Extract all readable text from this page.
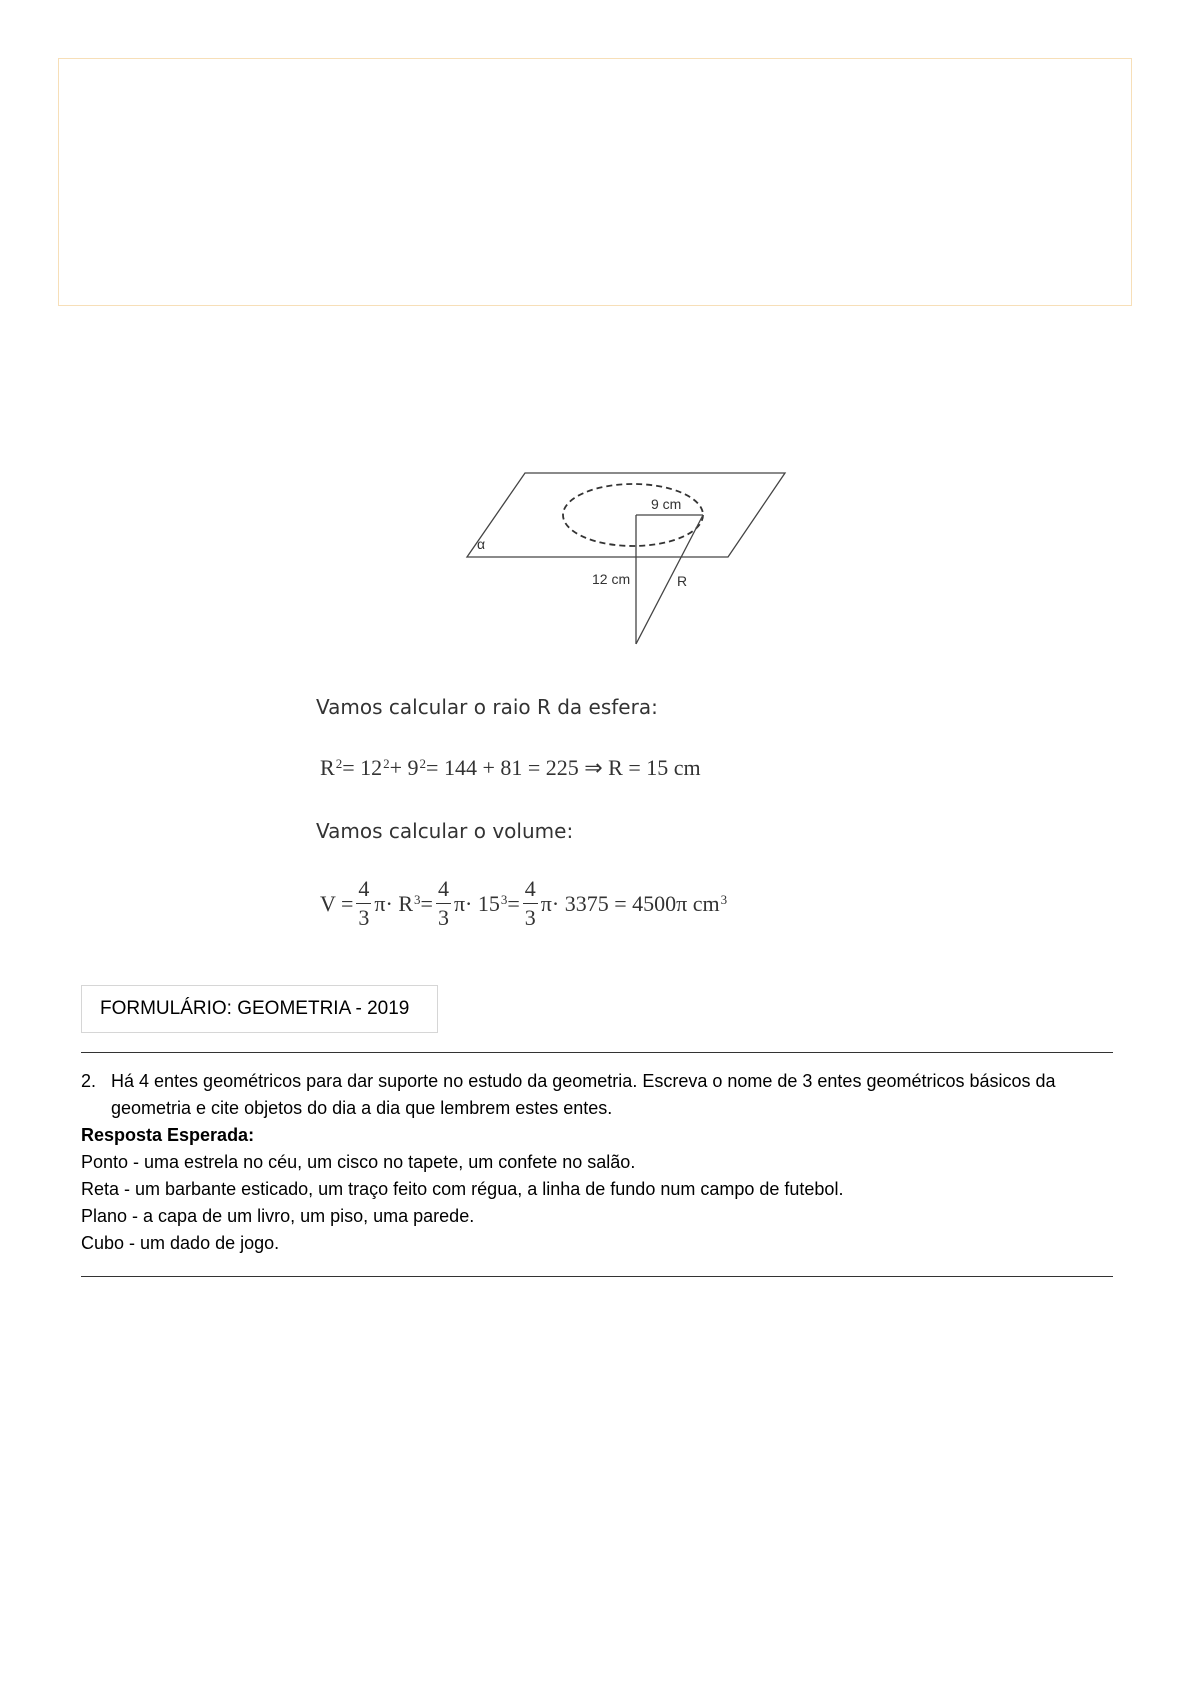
α
9 cm
12 cm	R
Vamos calcular o raio R da esfera:
$R^2 = 12^2 + 9^2 = 144 + 81 = 225$ ⇒ R = 15 cm
Vamos calcular o volume:
$V = \frac{4}{3} \pi\cdot R^3 = \frac{4}{3} \pi\cdot 15^3 = \frac{4}{3} \pi\cdot 3375 = 4500\pi$ $cm^3$
FORMULÁRIO: GEOMETRIA - 2019
2. Há 4 entes geométricos para dar suporte no estudo da geometria. Escreva o nome de 3 entes geométricos básicos da geometria e cite objetos do dia a dia que lembrem estes entes.
Resposta Esperada:
Ponto - uma estrela no céu, um cisco no tapete, um confete no salão.
Reta - um barbante esticado, um traço feito com régua, a linha de fundo num campo de futebol.
Plano - a capa de um livro, um piso, uma parede.
Cubo - um dado de jogo.
